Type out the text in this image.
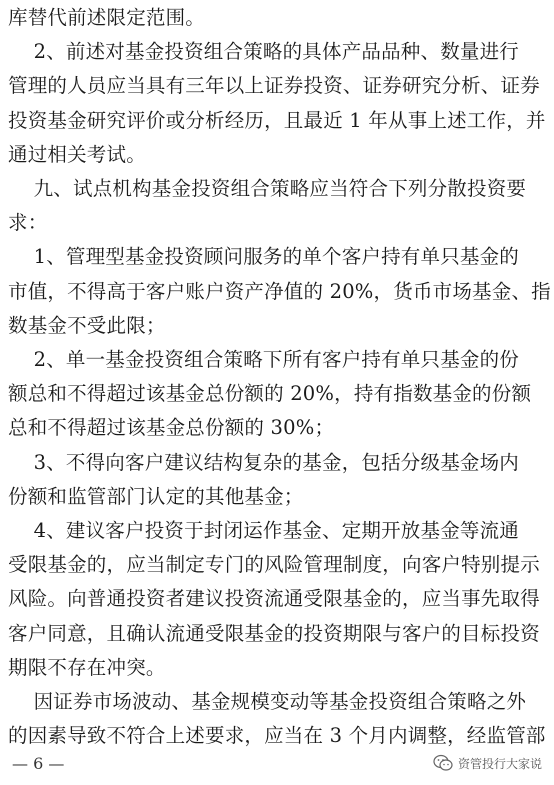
库替代前述限定范围。
2、前述对基金投资组合策略的具体产品品种、数量进行
管理的人员应当具有三年以上证券投资、证券研究分析、证券
投资基金研究评价或分析经历，且最近 1 年从事上述工作，并
通过相关考试。
九、试点机构基金投资组合策略应当符合下列分散投资要
求：
1、管理型基金投资顾问服务的单个客户持有单只基金的
市值，不得高于客户账户资产净值的 20%，货币市场基金、指
数基金不受此限；
2、单一基金投资组合策略下所有客户持有单只基金的份
额总和不得超过该基金总份额的 20%，持有指数基金的份额
总和不得超过该基金总份额的 30%；
3、不得向客户建议结构复杂的基金，包括分级基金场内
份额和监管部门认定的其他基金；
4、建议客户投资于封闭运作基金、定期开放基金等流通
受限基金的，应当制定专门的风险管理制度，向客户特别提示
风险。向普通投资者建议投资流通受限基金的，应当事先取得
客户同意，且确认流通受限基金的投资期限与客户的目标投资
期限不存在冲突。
因证券市场波动、基金规模变动等基金投资组合策略之外
的因素导致不符合上述要求，应当在 3 个月内调整，经监管部
— 6 —	资管投行大家说
